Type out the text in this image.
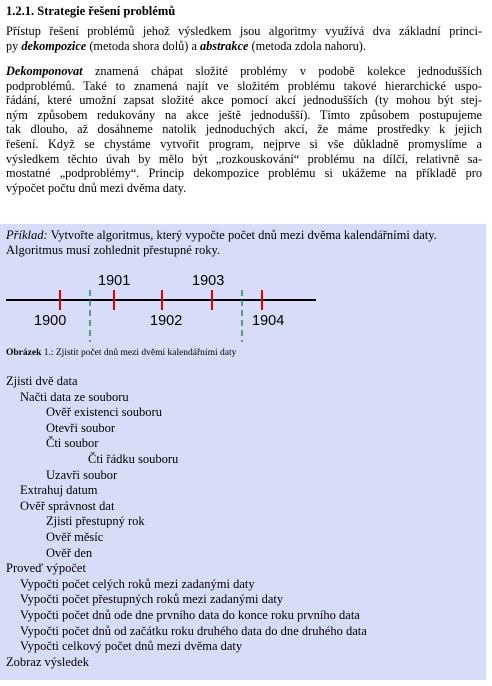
1.2.1. Strategie řešení problémů
Přístup řešení problémů jehož výsledkem jsou algoritmy využívá dva základní princi-
py dekompozice (metoda shora dolů) a abstrakce (metoda zdola nahoru).
Dekomponovat znamená chápat složité problémy v podobě kolekce jednodušších
podproblémů. Také to znamená najít ve složitém problému takové hierarchické uspo-
řádání, které umožní zapsat složité akce pomocí akcí jednodušších (ty mohou být stej-
ným způsobem redukovány na akce ještě jednodušší). Tímto způsobem postupujeme
tak dlouho, až dosáhneme natolik jednoduchých akcí, že máme prostředky k jejich
řešení. Když se chystáme vytvořit program, nejprve si vše důkladně promyslíme a
výsledkem těchto úvah by mělo být „rozkouskování“ problému na dílčí, relativně sa-
mostatné „podproblémy“. Princip dekompozice problému si ukážeme na příkladě pro
výpočet počtu dnů mezi dvěma daty.
Příklad: Vytvořte algoritmus, který vypočte počet dnů mezi dvěma kalendářními daty.
Algoritmus musí zohlednit přestupné roky.
1901	1903
1900	1902	1904
Obrázek 1.: Zjistit počet dnů mezi dvěmi kalendářními daty
Zjisti dvě data
Načti data ze souboru
Ověř existenci souboru
Otevři soubor
Čti soubor
Čti řádku souboru
Uzavři soubor
Extrahuj datum
Ověř správnost dat
Zjisti přestupný rok
Ověř měsíc
Ověř den
Proveď výpočet
Vypočti počet celých roků mezi zadanými daty
Vypočti počet přestupných roků mezi zadanými daty
Vypočti počet dnů ode dne prvního data do konce roku prvního data
Vypočti počet dnů od začátku roku druhého data do dne druhého data
Vypočti celkový počet dnů mezi dvěma daty
Zobraz výsledek
